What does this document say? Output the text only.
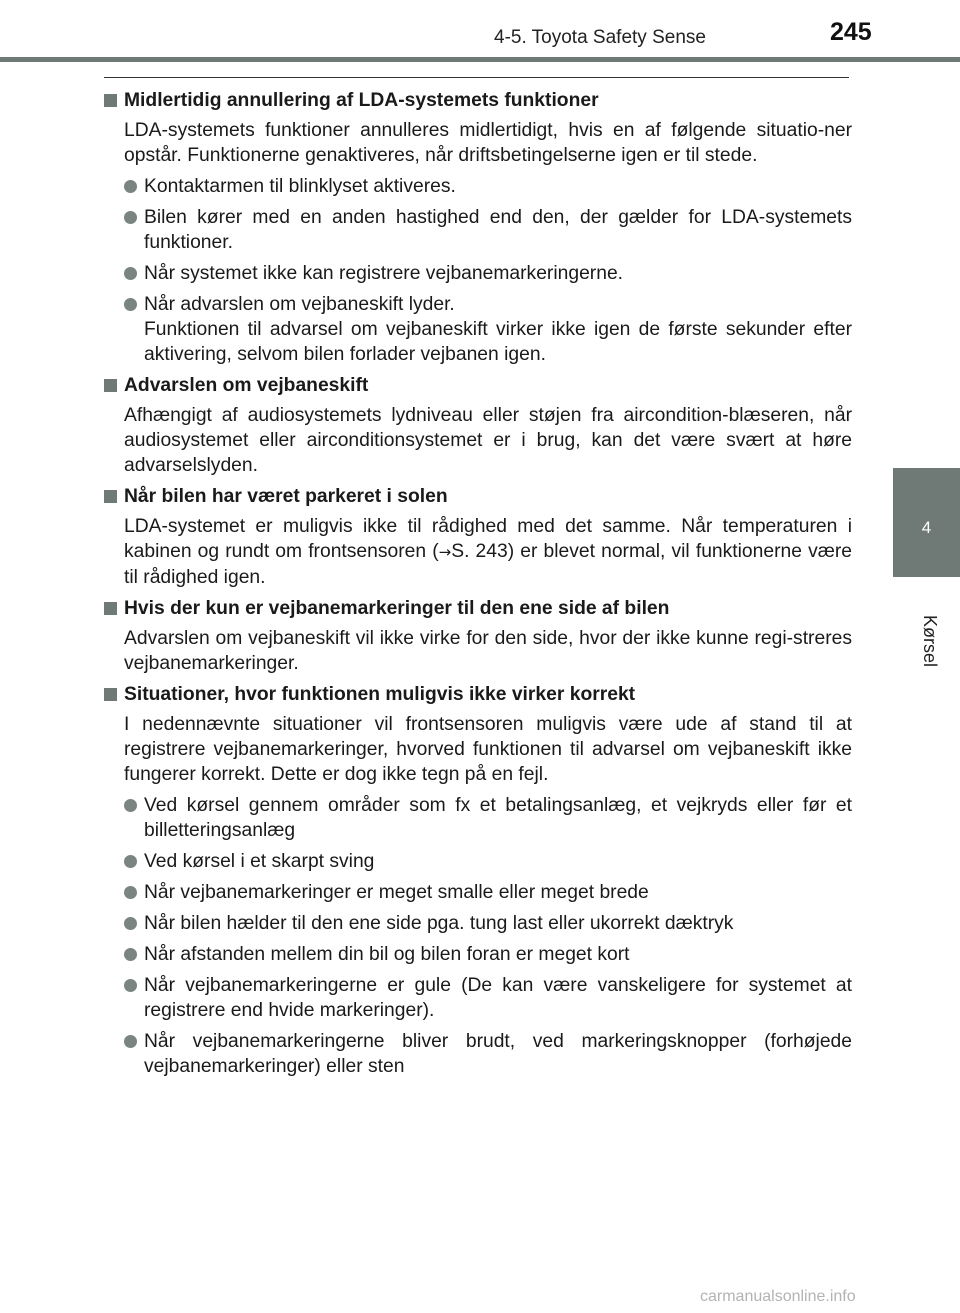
4-5. Toyota Safety Sense	245
4
Kørsel
Midlertidig annullering af LDA-systemets funktioner
LDA-systemets funktioner annulleres midlertidigt, hvis en af følgende situatio-ner opstår. Funktionerne genaktiveres, når driftsbetingelserne igen er til stede.
Kontaktarmen til blinklyset aktiveres.
Bilen kører med en anden hastighed end den, der gælder for LDA-systemets funktioner.
Når systemet ikke kan registrere vejbanemarkeringerne.
Når advarslen om vejbaneskift lyder.
Funktionen til advarsel om vejbaneskift virker ikke igen de første sekunder efter aktivering, selvom bilen forlader vejbanen igen.
Advarslen om vejbaneskift
Afhængigt af audiosystemets lydniveau eller støjen fra aircondition-blæseren, når audiosystemet eller airconditionsystemet er i brug, kan det være svært at høre advarselslyden.
Når bilen har været parkeret i solen
LDA-systemet er muligvis ikke til rådighed med det samme. Når temperaturen i kabinen og rundt om frontsensoren (→S. 243) er blevet normal, vil funktionerne være til rådighed igen.
Hvis der kun er vejbanemarkeringer til den ene side af bilen
Advarslen om vejbaneskift vil ikke virke for den side, hvor der ikke kunne regi-streres vejbanemarkeringer.
Situationer, hvor funktionen muligvis ikke virker korrekt
I nedennævnte situationer vil frontsensoren muligvis være ude af stand til at registrere vejbanemarkeringer, hvorved funktionen til advarsel om vejbaneskift ikke fungerer korrekt. Dette er dog ikke tegn på en fejl.
Ved kørsel gennem områder som fx et betalingsanlæg, et vejkryds eller før et billetteringsanlæg
Ved kørsel i et skarpt sving
Når vejbanemarkeringer er meget smalle eller meget brede
Når bilen hælder til den ene side pga. tung last eller ukorrekt dæktryk
Når afstanden mellem din bil og bilen foran er meget kort
Når vejbanemarkeringerne er gule (De kan være vanskeligere for systemet at registrere end hvide markeringer).
Når vejbanemarkeringerne bliver brudt, ved markeringsknopper (forhøjede vejbanemarkeringer) eller sten
carmanualsonline.info
